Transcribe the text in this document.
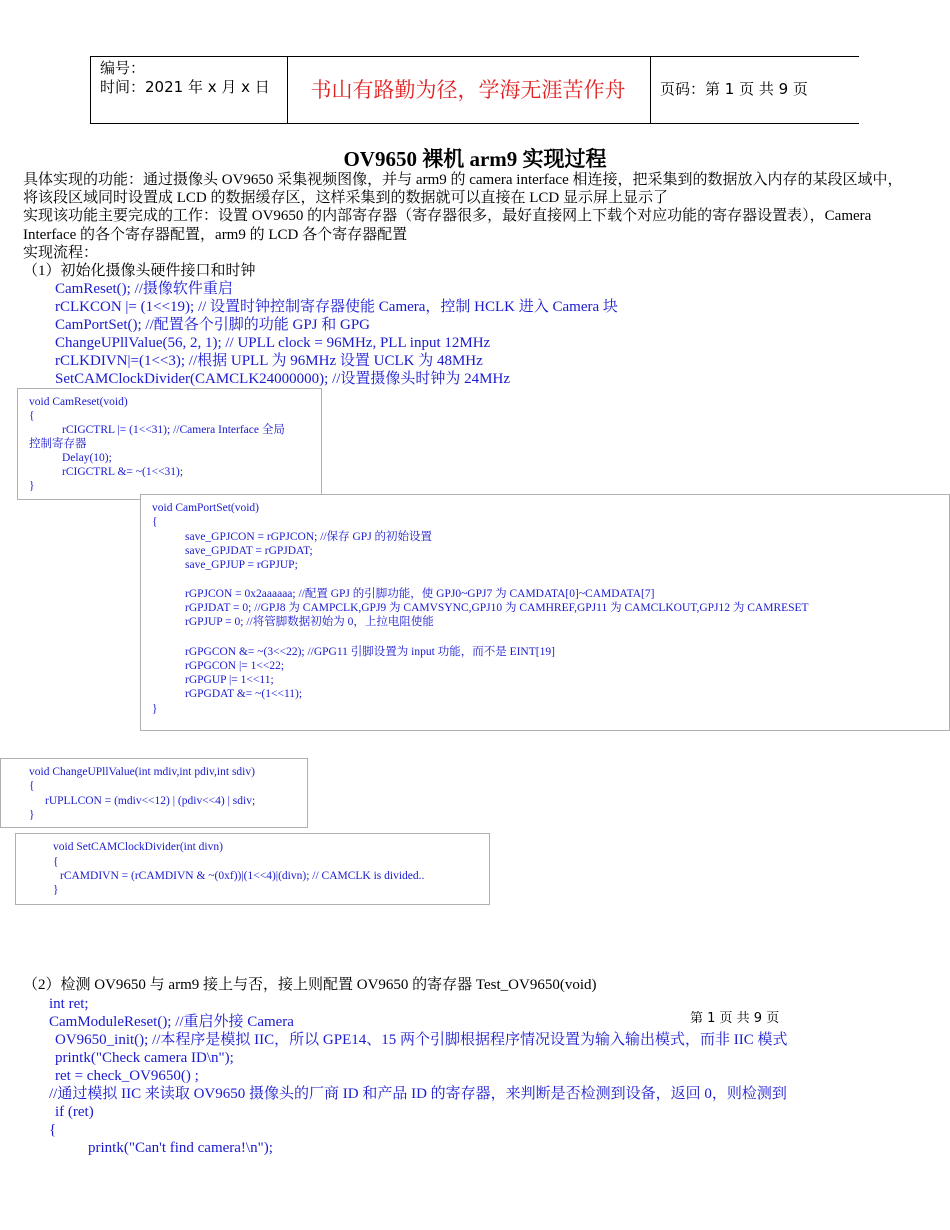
编号：
时间：2021 年 x 月 x 日	书山有路勤为径，学海无涯苦作舟	页码：第 1 页 共 9 页
OV9650 裸机 arm9 实现过程
具体实现的功能：通过摄像头 OV9650 采集视频图像，并与 arm9 的 camera interface 相连接，把采集到的数据放入内存的某段区域中，
将该段区域同时设置成 LCD 的数据缓存区，这样采集到的数据就可以直接在 LCD 显示屏上显示了
实现该功能主要完成的工作：设置 OV9650 的内部寄存器（寄存器很多，最好直接网上下载个对应功能的寄存器设置表），Camera
Interface 的各个寄存器配置，arm9 的 LCD 各个寄存器配置
实现流程：
（1）初始化摄像头硬件接口和时钟
CamReset(); //摄像软件重启
rCLKCON |= (1<<19); // 设置时钟控制寄存器使能 Camera，控制 HCLK 进入 Camera 块
CamPortSet(); //配置各个引脚的功能 GPJ 和 GPG
ChangeUPllValue(56, 2, 1); // UPLL clock = 96MHz, PLL input 12MHz
rCLKDIVN|=(1<<3); //根据 UPLL 为 96MHz 设置 UCLK 为 48MHz
SetCAMClockDivider(CAMCLK24000000); //设置摄像头时钟为 24MHz
void CamReset(void)
{
rCIGCTRL |= (1<<31); //Camera Interface 全局
控制寄存器
Delay(10);
rCIGCTRL &= ~(1<<31);
}
void CamPortSet(void)
{
save_GPJCON = rGPJCON; //保存 GPJ 的初始设置
save_GPJDAT = rGPJDAT;
save_GPJUP = rGPJUP;
rGPJCON = 0x2aaaaaa; //配置 GPJ 的引脚功能，使 GPJ0~GPJ7 为 CAMDATA[0]~CAMDATA[7]
rGPJDAT = 0; //GPJ8 为 CAMPCLK,GPJ9 为 CAMVSYNC,GPJ10 为 CAMHREF,GPJ11 为 CAMCLKOUT,GPJ12 为 CAMRESET
rGPJUP = 0; //将管脚数据初始为 0，上拉电阻使能
rGPGCON &= ~(3<<22); //GPG11 引脚设置为 input 功能，而不是 EINT[19]
rGPGCON |= 1<<22;
rGPGUP |= 1<<11;
rGPGDAT &= ~(1<<11);
}
void ChangeUPllValue(int mdiv,int pdiv,int sdiv)
{
rUPLLCON = (mdiv<<12) | (pdiv<<4) | sdiv;
}
void SetCAMClockDivider(int divn)
{
rCAMDIVN = (rCAMDIVN & ~(0xf))|(1<<4)|(divn); // CAMCLK is divided..
}
（2）检测 OV9650 与 arm9 接上与否，接上则配置 OV9650 的寄存器 Test_OV9650(void)
int ret;
CamModuleReset(); //重启外接 Camera
OV9650_init(); //本程序是模拟 IIC，所以 GPE14、15 两个引脚根据程序情况设置为输入输出模式，而非 IIC 模式
printk("Check camera ID\n");
ret = check_OV9650() ;
//通过模拟 IIC 来读取 OV9650 摄像头的厂商 ID 和产品 ID 的寄存器，来判断是否检测到设备，返回 0，则检测到
if (ret)
{
printk("Can't find camera!\n");
第 1 页 共 9 页
